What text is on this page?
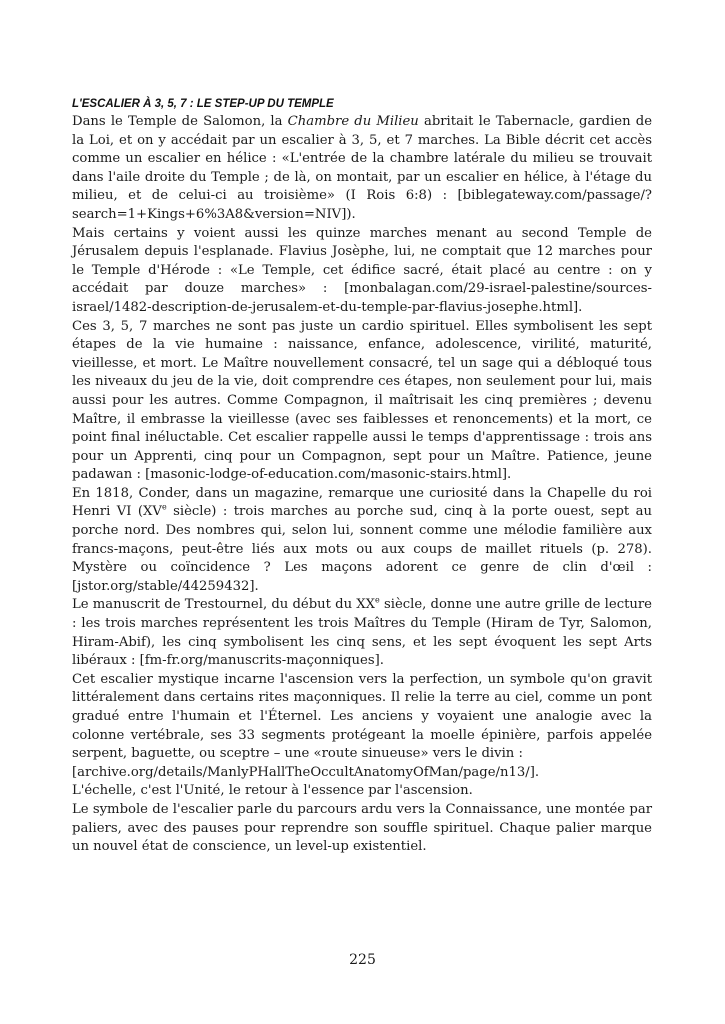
L'ESCALIER À 3, 5, 7 : LE STEP-UP DU TEMPLE

Dans le Temple de Salomon, la Chambre du Milieu abritait le Tabernacle, gardien de la Loi, et on y accédait par un escalier à 3, 5, et 7 marches. La Bible décrit cet accès comme un escalier en hélice : «L'entrée de la chambre latérale du milieu se trouvait dans l'aile droite du Temple ; de là, on montait, par un escalier en hélice, à l'étage du milieu, et de celui-ci au troisième» (I Rois 6:8) : [biblegateway.com/passage/?search=1+Kings+6%3A8&version=NIV]).

Mais certains y voient aussi les quinze marches menant au second Temple de Jérusalem depuis l'esplanade. Flavius Josèphe, lui, ne comptait que 12 marches pour le Temple d'Hérode : «Le Temple, cet édifice sacré, était placé au centre : on y accédait par douze marches» : [monbalagan.com/29-israel-palestine/sources-israel/1482-description-de-jerusalem-et-du-temple-par-flavius-josephe.html].

Ces 3, 5, 7 marches ne sont pas juste un cardio spirituel. Elles symbolisent les sept étapes de la vie humaine : naissance, enfance, adolescence, virilité, maturité, vieillesse, et mort. Le Maître nouvellement consacré, tel un sage qui a débloqué tous les niveaux du jeu de la vie, doit comprendre ces étapes, non seulement pour lui, mais aussi pour les autres. Comme Compagnon, il maîtrisait les cinq premières ; devenu Maître, il embrasse la vieillesse (avec ses faiblesses et renoncements) et la mort, ce point final inéluctable. Cet escalier rappelle aussi le temps d'apprentissage : trois ans pour un Apprenti, cinq pour un Compagnon, sept pour un Maître. Patience, jeune padawan : [masonic-lodge-of-education.com/masonic-stairs.html].

En 1818, Conder, dans un magazine, remarque une curiosité dans la Chapelle du roi Henri VI (XVe siècle) : trois marches au porche sud, cinq à la porte ouest, sept au porche nord. Des nombres qui, selon lui, sonnent comme une mélodie familière aux francs-maçons, peut-être liés aux mots ou aux coups de maillet rituels (p. 278). Mystère ou coïncidence ? Les maçons adorent ce genre de clin d'œil : [jstor.org/stable/44259432].

Le manuscrit de Trestournel, du début du XXe siècle, donne une autre grille de lecture : les trois marches représentent les trois Maîtres du Temple (Hiram de Tyr, Salomon, Hiram-Abif), les cinq symbolisent les cinq sens, et les sept évoquent les sept Arts libéraux : [fm-fr.org/manuscrits-maçonniques].

Cet escalier mystique incarne l'ascension vers la perfection, un symbole qu'on gravit littéralement dans certains rites maçonniques. Il relie la terre au ciel, comme un pont gradué entre l'humain et l'Éternel. Les anciens y voyaient une analogie avec la colonne vertébrale, ses 33 segments protégeant la moelle épinière, parfois appelée serpent, baguette, ou sceptre – une «route sinueuse» vers le divin :

[archive.org/details/ManlyPHallTheOccultAnatomyOfMan/page/n13/].

L'échelle, c'est l'Unité, le retour à l'essence par l'ascension.

Le symbole de l'escalier parle du parcours ardu vers la Connaissance, une montée par paliers, avec des pauses pour reprendre son souffle spirituel. Chaque palier marque un nouvel état de conscience, un level-up existentiel.

225
